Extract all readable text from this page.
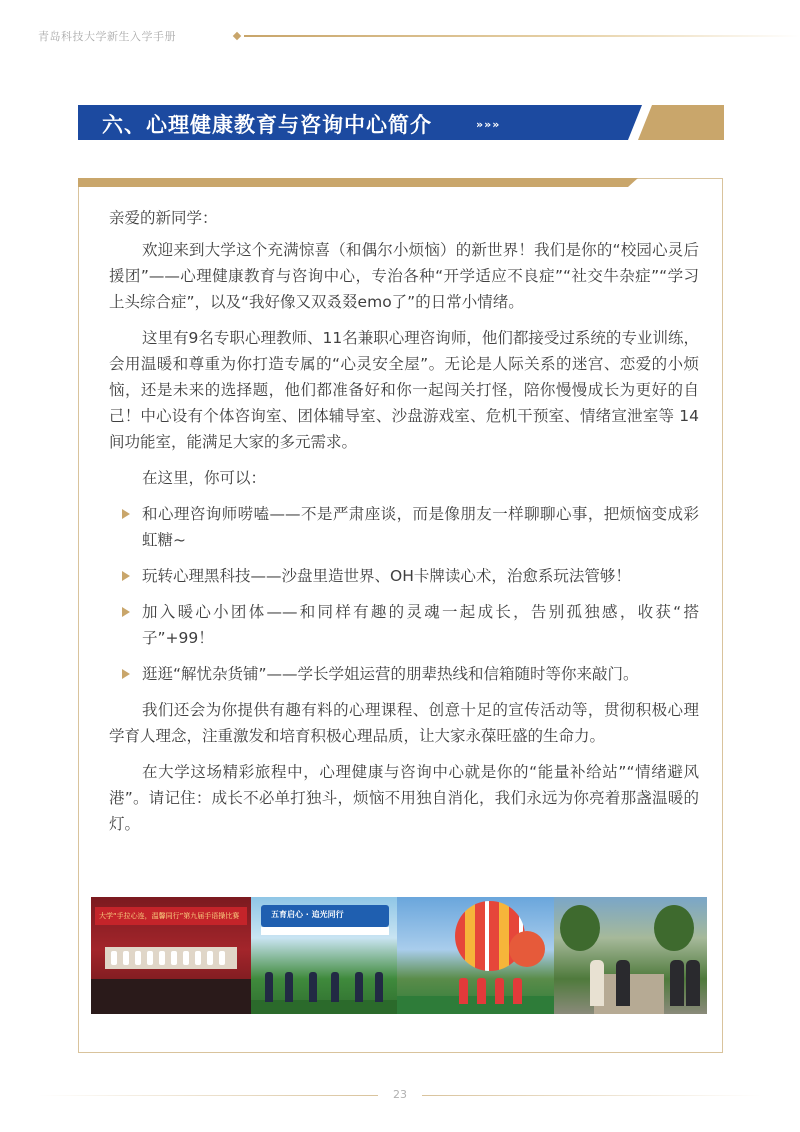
青岛科技大学新生入学手册
六、心理健康教育与咨询中心简介	»»»

亲爱的新同学：

欢迎来到大学这个充满惊喜（和偶尔小烦恼）的新世界！我们是你的“校园心灵后援团”——心理健康教育与咨询中心，专治各种“开学适应不良症”“社交牛杂症”“学习上头综合症”，以及“我好像又双叒叕emo了”的日常小情绪。

这里有9名专职心理教师、11名兼职心理咨询师，他们都接受过系统的专业训练，会用温暖和尊重为你打造专属的“心灵安全屋”。无论是人际关系的迷宫、恋爱的小烦恼，还是未来的选择题，他们都准备好和你一起闯关打怪，陪你慢慢成长为更好的自己！中心设有个体咨询室、团体辅导室、沙盘游戏室、危机干预室、情绪宣泄室等 14间功能室，能满足大家的多元需求。

在这里，你可以：

和心理咨询师唠嗑——不是严肃座谈，而是像朋友一样聊聊心事，把烦恼变成彩虹糖~
玩转心理黑科技——沙盘里造世界、OH卡牌读心术，治愈系玩法管够！
加入暖心小团体——和同样有趣的灵魂一起成长，告别孤独感，收获“搭子”+99！
逛逛“解忧杂货铺”——学长学姐运营的朋辈热线和信箱随时等你来敲门。

我们还会为你提供有趣有料的心理课程、创意十足的宣传活动等，贯彻积极心理学育人理念，注重激发和培育积极心理品质，让大家永葆旺盛的生命力。

在大学这场精彩旅程中，心理健康与咨询中心就是你的“能量补给站”“情绪避风港”。请记住：成长不必单打独斗，烦恼不用独自消化，我们永远为你亮着那盏温暖的灯。

大学“手拉心连，温馨同行”第九届手语操比赛	五育启心 · 追光同行
23
